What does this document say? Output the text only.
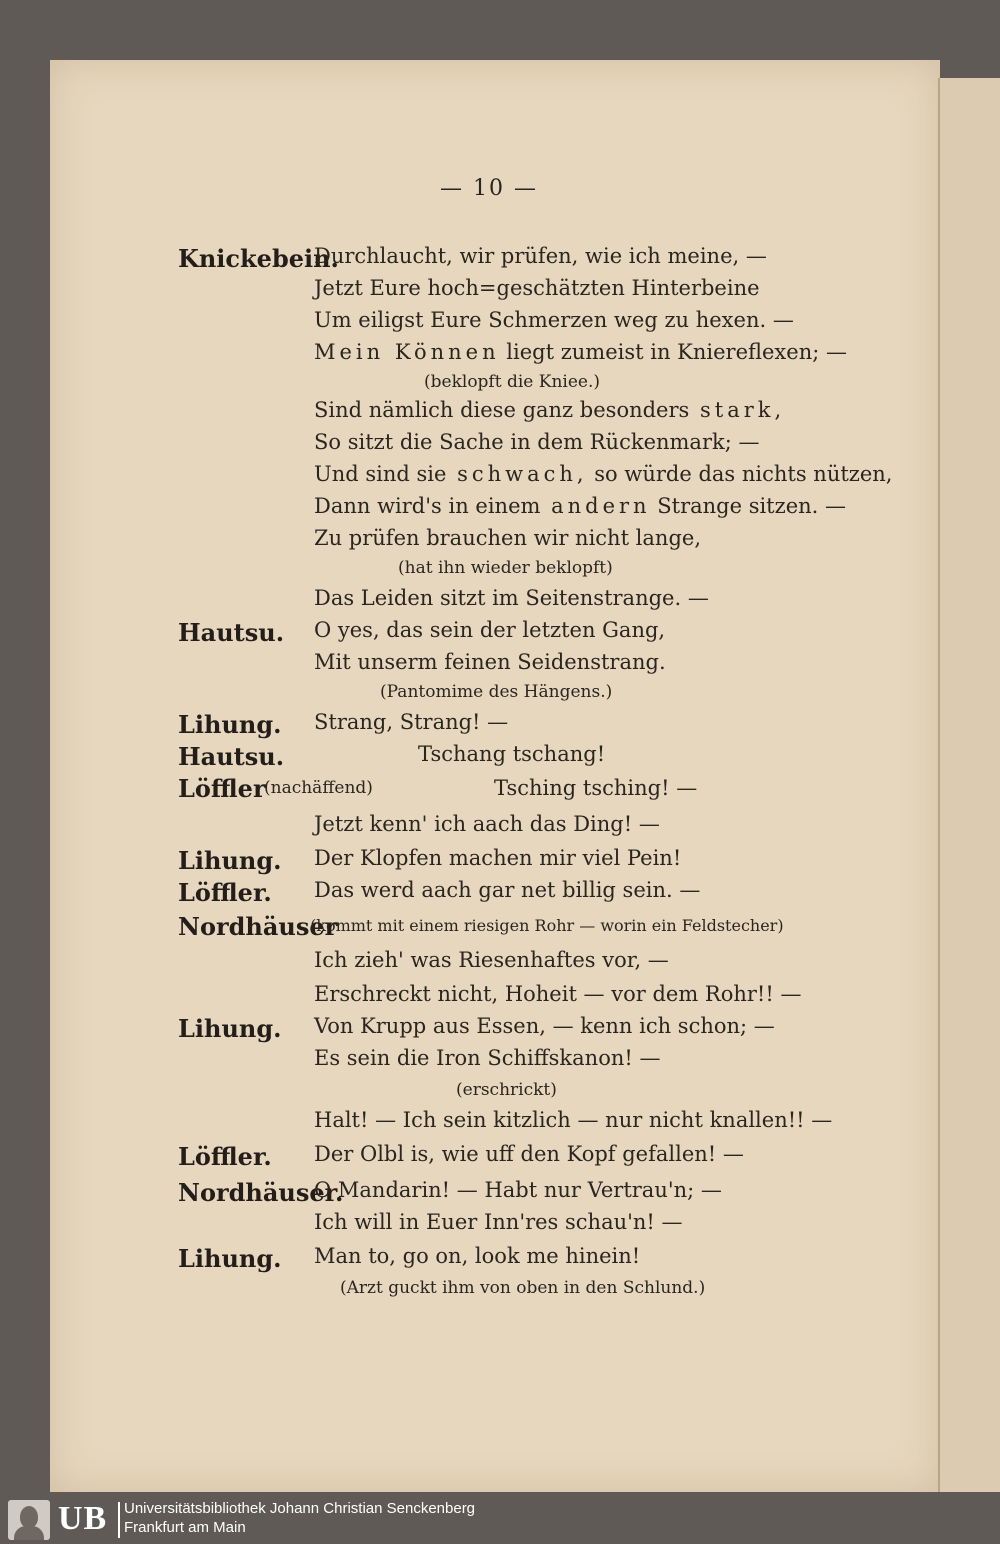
— 10 —
Knickebein.
Hautsu.
Lihung.
Hautsu.
Löffler
Lihung.
Löffler.
Nordhäuser
Lihung.
Löffler.
Nordhäuser.
Lihung.
Durchlaucht, wir prüfen, wie ich meine, —
Jetzt Eure hoch=geschätzten Hinterbeine
Um eiligst Eure Schmerzen weg zu hexen. —
Mein Können liegt zumeist in Kniereflexen; —
(beklopft die Kniee.)
Sind nämlich diese ganz besonders stark,
So sitzt die Sache in dem Rückenmark; —
Und sind sie schwach, so würde das nichts nützen,
Dann wird's in einem andern Strange sitzen. —
Zu prüfen brauchen wir nicht lange,
(hat ihn wieder beklopft)
Das Leiden sitzt im Seitenstrange. —
O yes, das sein der letzten Gang,
Mit unserm feinen Seidenstrang.
(Pantomime des Hängens.)
Strang, Strang! —
Tschang tschang!
(nachäffend)	Tsching tsching! —
Jetzt kenn' ich aach das Ding! —
Der Klopfen machen mir viel Pein!
Das werd aach gar net billig sein. —
(kommt mit einem riesigen Rohr — worin ein Feldstecher)
Ich zieh' was Riesenhaftes vor, —
Erschreckt nicht, Hoheit — vor dem Rohr!! —
Von Krupp aus Essen, — kenn ich schon; —
Es sein die Iron Schiffskanon! —
(erschrickt)
Halt! — Ich sein kitzlich — nur nicht knallen!! —
Der Olbl is, wie uff den Kopf gefallen! —
O Mandarin! — Habt nur Vertrau'n; —
Ich will in Euer Inn'res schau'n! —
Man to, go on, look me hinein!
(Arzt guckt ihm von oben in den Schlund.)
UB Universitätsbibliothek Johann Christian Senckenberg
Frankfurt am Main
